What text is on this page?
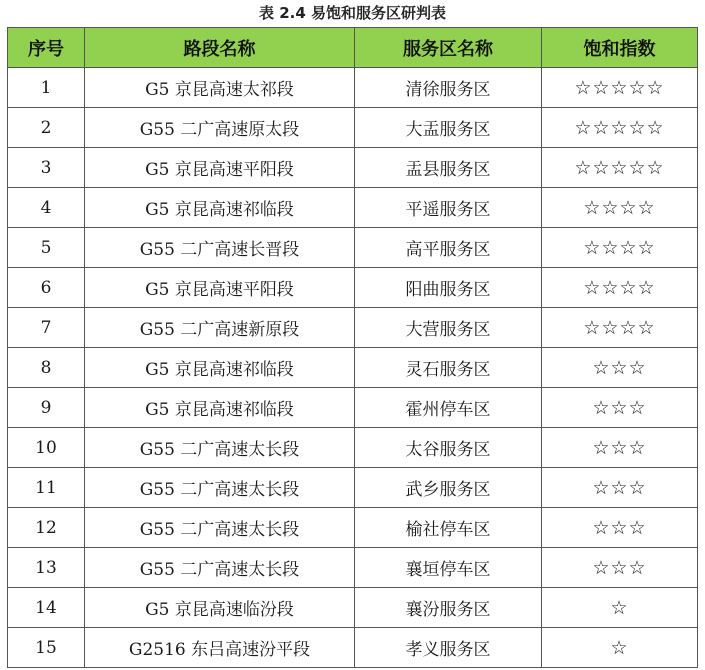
表 2.4 易饱和服务区研判表
序号	路段名称	服务区名称	饱和指数
1	G5 京昆高速太祁段	清徐服务区	☆☆☆☆☆
2	G55 二广高速原太段	大盂服务区	☆☆☆☆☆
3	G5 京昆高速平阳段	盂县服务区	☆☆☆☆☆
4	G5 京昆高速祁临段	平遥服务区	☆☆☆☆
5	G55 二广高速长晋段	高平服务区	☆☆☆☆
6	G5 京昆高速平阳段	阳曲服务区	☆☆☆☆
7	G55 二广高速新原段	大营服务区	☆☆☆☆
8	G5 京昆高速祁临段	灵石服务区	☆☆☆
9	G5 京昆高速祁临段	霍州停车区	☆☆☆
10	G55 二广高速太长段	太谷服务区	☆☆☆
11	G55 二广高速太长段	武乡服务区	☆☆☆
12	G55 二广高速太长段	榆社停车区	☆☆☆
13	G55 二广高速太长段	襄垣停车区	☆☆☆
14	G5 京昆高速临汾段	襄汾服务区	☆
15	G2516 东吕高速汾平段	孝义服务区	☆
